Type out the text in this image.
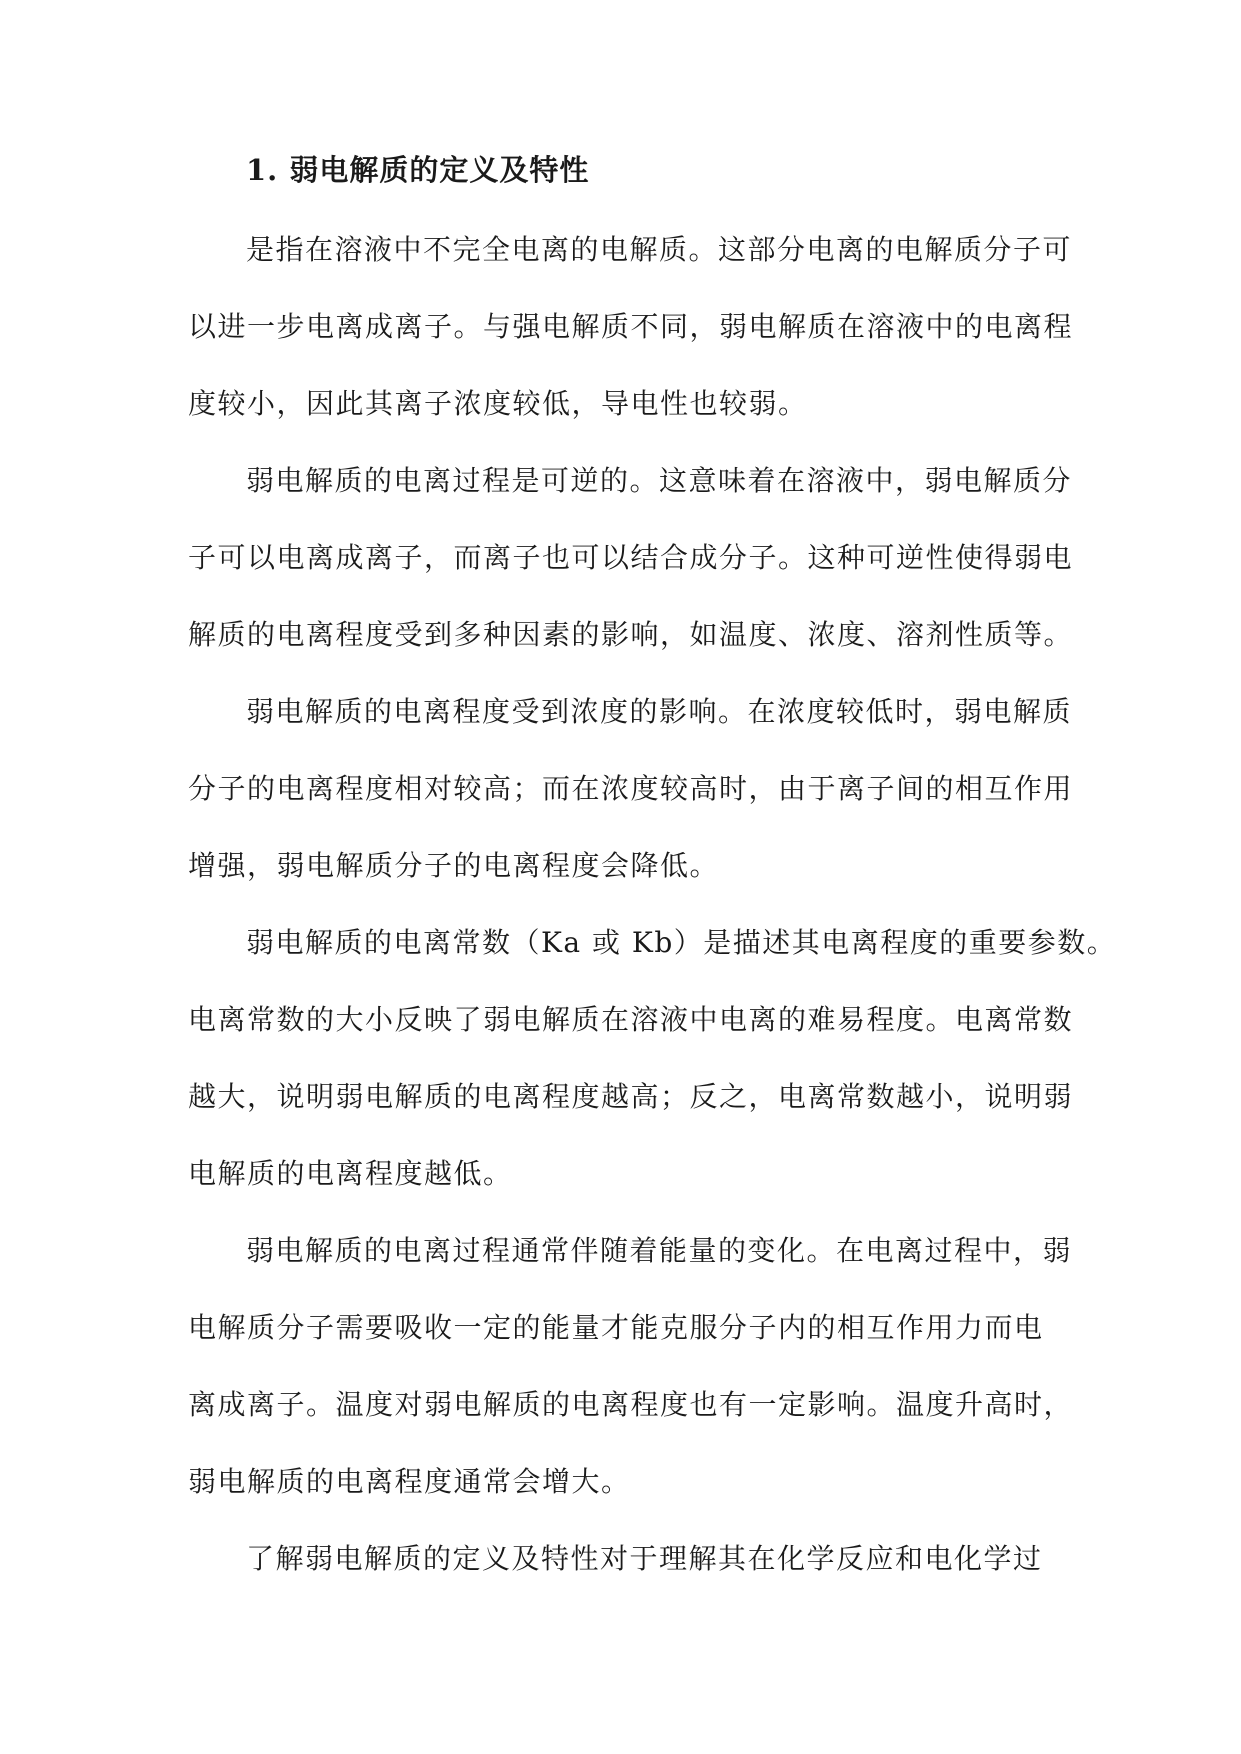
1. 弱电解质的定义及特性
是指在溶液中不完全电离的电解质。这部分电离的电解质分子可
以进一步电离成离子。与强电解质不同，弱电解质在溶液中的电离程
度较小，因此其离子浓度较低，导电性也较弱。
弱电解质的电离过程是可逆的。这意味着在溶液中，弱电解质分
子可以电离成离子，而离子也可以结合成分子。这种可逆性使得弱电
解质的电离程度受到多种因素的影响，如温度、浓度、溶剂性质等。
弱电解质的电离程度受到浓度的影响。在浓度较低时，弱电解质
分子的电离程度相对较高；而在浓度较高时，由于离子间的相互作用
增强，弱电解质分子的电离程度会降低。
弱电解质的电离常数（Ka 或 Kb）是描述其电离程度的重要参数。
电离常数的大小反映了弱电解质在溶液中电离的难易程度。电离常数
越大，说明弱电解质的电离程度越高；反之，电离常数越小，说明弱
电解质的电离程度越低。
弱电解质的电离过程通常伴随着能量的变化。在电离过程中，弱
电解质分子需要吸收一定的能量才能克服分子内的相互作用力而电
离成离子。温度对弱电解质的电离程度也有一定影响。温度升高时，
弱电解质的电离程度通常会增大。
了解弱电解质的定义及特性对于理解其在化学反应和电化学过
